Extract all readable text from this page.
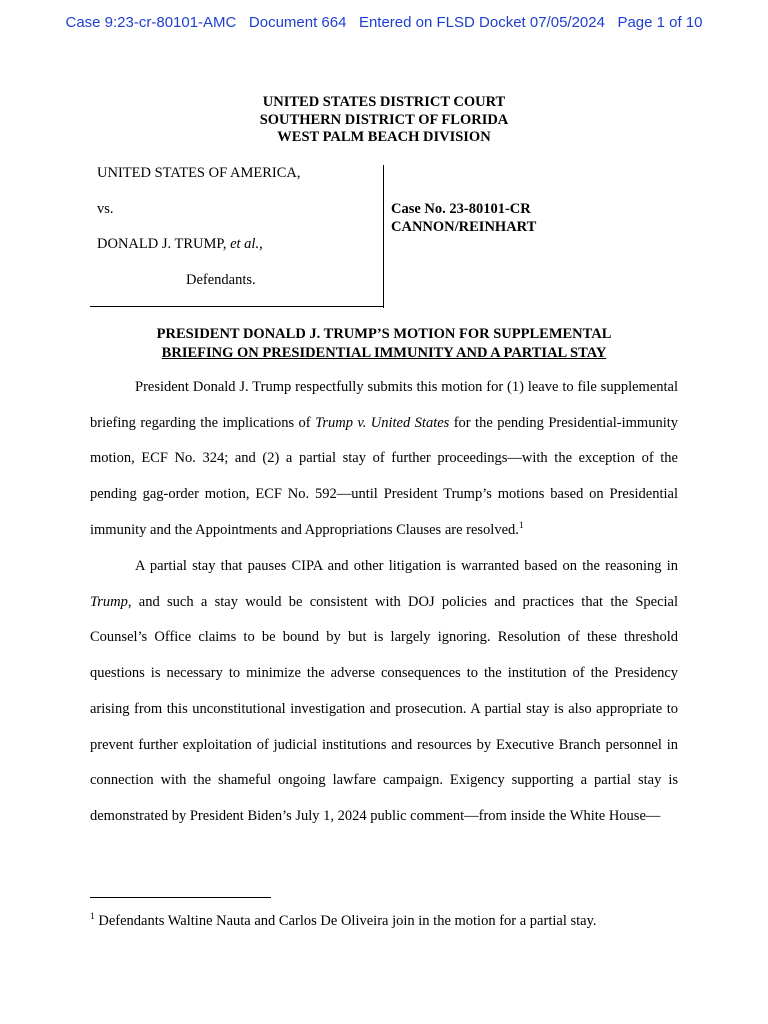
Case 9:23-cr-80101-AMC   Document 664   Entered on FLSD Docket 07/05/2024   Page 1 of 10
UNITED STATES DISTRICT COURT
SOUTHERN DISTRICT OF FLORIDA
WEST PALM BEACH DIVISION
UNITED STATES OF AMERICA,
vs.
DONALD J. TRUMP, et al.,
Defendants.
Case No. 23-80101-CR
CANNON/REINHART
PRESIDENT DONALD J. TRUMP’S MOTION FOR SUPPLEMENTAL
BRIEFING ON PRESIDENTIAL IMMUNITY AND A PARTIAL STAY

President Donald J. Trump respectfully submits this motion for (1) leave to file supplemental briefing regarding the implications of Trump v. United States for the pending Presidential-immunity motion, ECF No. 324; and (2) a partial stay of further proceedings—with the exception of the pending gag-order motion, ECF No. 592—until President Trump’s motions based on Presidential immunity and the Appointments and Appropriations Clauses are resolved.$^1$

A partial stay that pauses CIPA and other litigation is warranted based on the reasoning in Trump, and such a stay would be consistent with DOJ policies and practices that the Special Counsel’s Office claims to be bound by but is largely ignoring. Resolution of these threshold questions is necessary to minimize the adverse consequences to the institution of the Presidency arising from this unconstitutional investigation and prosecution. A partial stay is also appropriate to prevent further exploitation of judicial institutions and resources by Executive Branch personnel in connection with the shameful ongoing lawfare campaign. Exigency supporting a partial stay is demonstrated by President Biden’s July 1, 2024 public comment—from inside the White House—

$^1$ Defendants Waltine Nauta and Carlos De Oliveira join in the motion for a partial stay.
